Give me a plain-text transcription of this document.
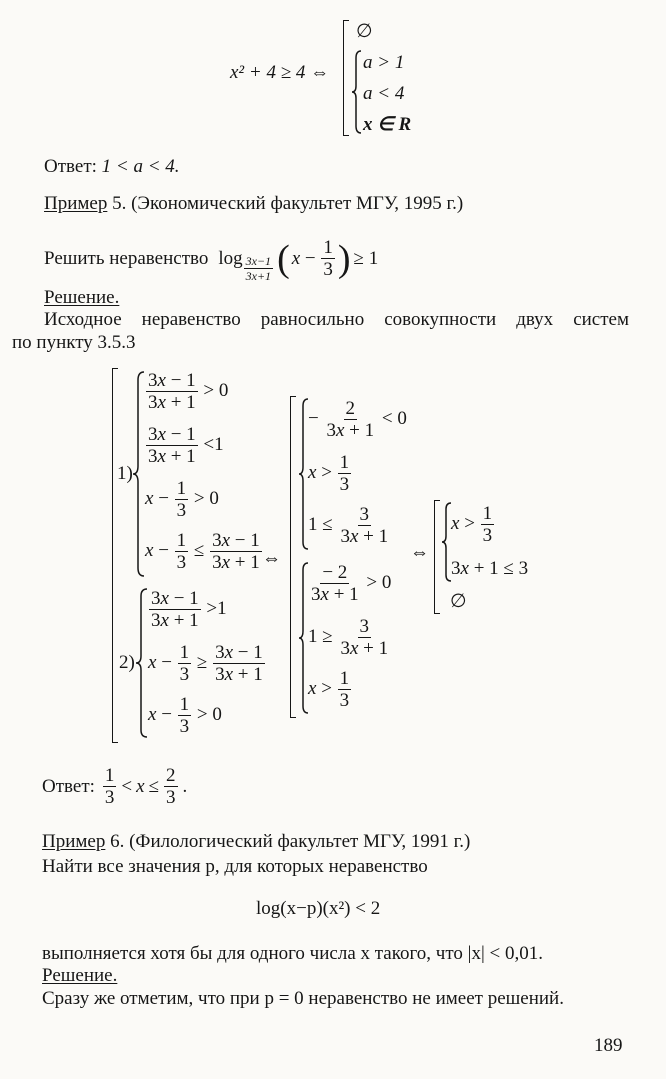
x² + 4 ≥ 4 ⇔
∅
a > 1
a < 4
x ∈ R
Ответ: 1 < a < 4.
Пример 5. (Экономический факультет МГУ, 1995 г.)
Решить неравенство $\log \frac{3x-1}{3x+1}$ ( $x - \frac{1}{3}$ ) ≥ 1
Решение.
Исходное неравенство равносильно совокупности двух систем
по пункту 3.5.3
1)
$\frac{3x - 1}{3x + 1} > 0$
$\frac{3x - 1}{3x + 1} <1$
$x - \frac{1}{3} > 0$
$x - \frac{1}{3} \le \frac{3x - 1}{3x + 1}$
2)
$\frac{3x - 1}{3x + 1} >1$
$x - \frac{1}{3} \ge \frac{3x - 1}{3x + 1}$
$x - \frac{1}{3} > 0$
⇔
− $\frac{2}{3x + 1} < 0$
$x > \frac{1}{3}$
$1 \le \frac{3}{3x + 1}$
$\frac{- 2}{3x + 1} > 0$
$1 \ge \frac{3}{3x + 1}$
$x > \frac{1}{3}$
⇔
$x > \frac{1}{3}$
3x + 1 ≤ 3
∅
Ответ: $\frac{1}{3} < x \le \frac{2}{3}$ .
Пример 6. (Филологический факультет МГУ, 1991 г.)
Найти все значения p, для которых неравенство
log(x−p)(x²) < 2
выполняется хотя бы для одного числа x такого, что |x| < 0,01.
Решение.
Сразу же отметим, что при p = 0 неравенство не имеет решений.
189
